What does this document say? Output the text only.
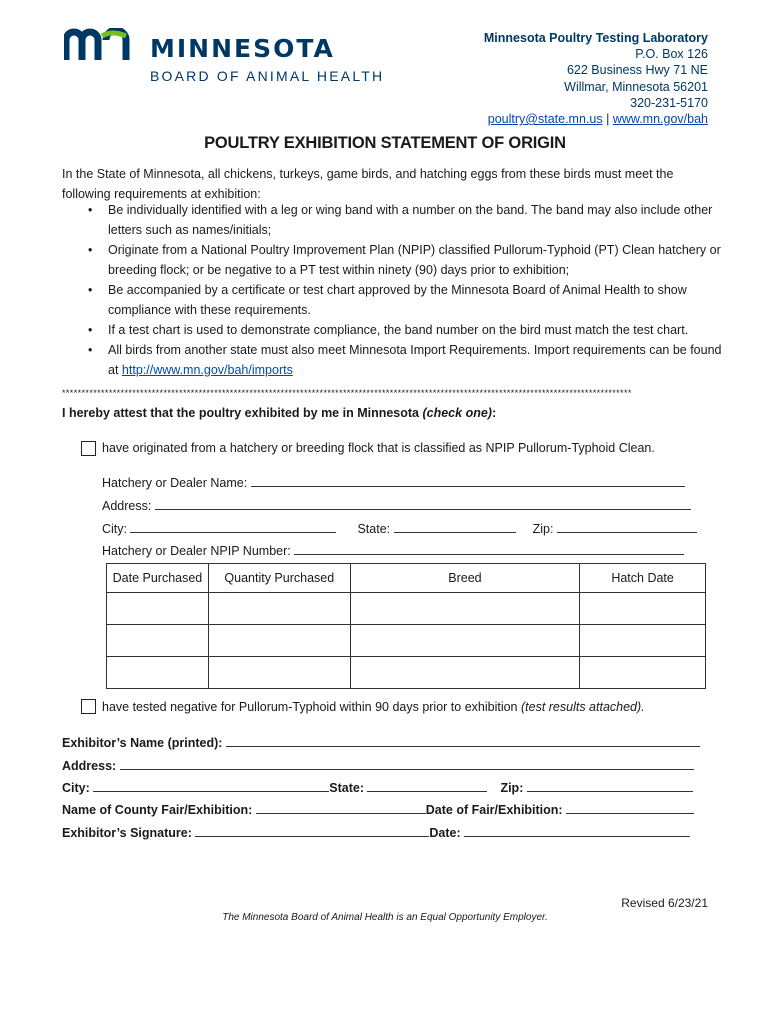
MINNESOTA
BOARD OF ANIMAL HEALTH
Minnesota Poultry Testing Laboratory
P.O. Box 126
622 Business Hwy 71 NE
Willmar, Minnesota 56201
320-231-5170
poultry@state.mn.us | www.mn.gov/bah
POULTRY EXHIBITION STATEMENT OF ORIGIN
In the State of Minnesota, all chickens, turkeys, game birds, and hatching eggs from these birds must meet the following requirements at exhibition:
• Be individually identified with a leg or wing band with a number on the band. The band may also include other letters such as names/initials;
• Originate from a National Poultry Improvement Plan (NPIP) classified Pullorum-Typhoid (PT) Clean hatchery or breeding flock; or be negative to a PT test within ninety (90) days prior to exhibition;
• Be accompanied by a certificate or test chart approved by the Minnesota Board of Animal Health to show compliance with these requirements.
• If a test chart is used to demonstrate compliance, the band number on the bird must match the test chart.
• All birds from another state must also meet Minnesota Import Requirements. Import requirements can be found at http://www.mn.gov/bah/imports
**************************************************************************************************************************************************
I hereby attest that the poultry exhibited by me in Minnesota (check one):
have originated from a hatchery or breeding flock that is classified as NPIP Pullorum-Typhoid Clean.
Hatchery or Dealer Name:
Address:
City:	State:	Zip:
Hatchery or Dealer NPIP Number:
Date Purchased	Quantity Purchased	Breed	Hatch Date

have tested negative for Pullorum-Typhoid within 90 days prior to exhibition (test results attached).
Exhibitor’s Name (printed):
Address:
City:	State:	Zip:
Name of County Fair/Exhibition:	Date of Fair/Exhibition:
Exhibitor’s Signature:	Date:
Revised 6/23/21
The Minnesota Board of Animal Health is an Equal Opportunity Employer.
